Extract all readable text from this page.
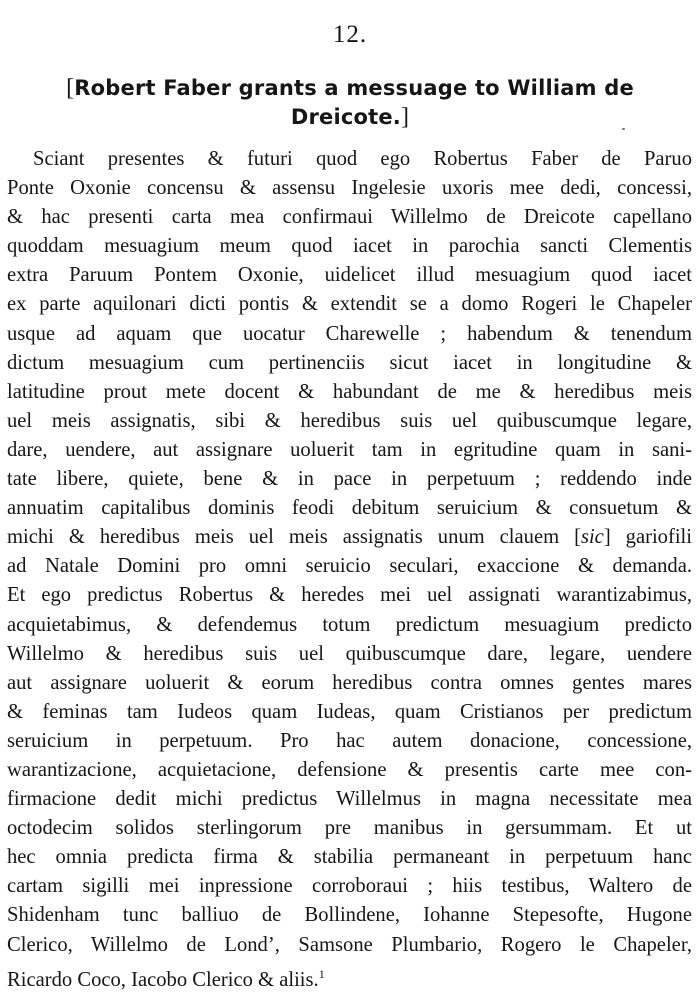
12.
[Robert Faber grants a messuage to William de
Dreicote.]
Sciant presentes & futuri quod ego Robertus Faber de Paruo
Ponte Oxonie concensu & assensu Ingelesie uxoris mee dedi, concessi,
& hac presenti carta mea confirmaui Willelmo de Dreicote capellano
quoddam mesuagium meum quod iacet in parochia sancti Clementis
extra Paruum Pontem Oxonie, uidelicet illud mesuagium quod iacet
ex parte aquilonari dicti pontis & extendit se a domo Rogeri le Chapeler
usque ad aquam que uocatur Charewelle ; habendum & tenendum
dictum mesuagium cum pertinenciis sicut iacet in longitudine &
latitudine prout mete docent & habundant de me & heredibus meis
uel meis assignatis, sibi & heredibus suis uel quibuscumque legare,
dare, uendere, aut assignare uoluerit tam in egritudine quam in sani-
tate libere, quiete, bene & in pace in perpetuum ; reddendo inde
annuatim capitalibus dominis feodi debitum seruicium & consuetum &
michi & heredibus meis uel meis assignatis unum clauem [sic] gariofili
ad Natale Domini pro omni seruicio seculari, exaccione & demanda.
Et ego predictus Robertus & heredes mei uel assignati warantizabimus,
acquietabimus, & defendemus totum predictum mesuagium predicto
Willelmo & heredibus suis uel quibuscumque dare, legare, uendere
aut assignare uoluerit & eorum heredibus contra omnes gentes mares
& feminas tam Iudeos quam Iudeas, quam Cristianos per predictum
seruicium in perpetuum. Pro hac autem donacione, concessione,
warantizacione, acquietacione, defensione & presentis carte mee con-
firmacione dedit michi predictus Willelmus in magna necessitate mea
octodecim solidos sterlingorum pre manibus in gersummam. Et ut
hec omnia predicta firma & stabilia permaneant in perpetuum hanc
cartam sigilli mei inpressione corroboraui ; hiis testibus, Waltero de
Shidenham tunc balliuo de Bollindene, Iohanne Stepesofte, Hugone
Clerico, Willelmo de Lond’, Samsone Plumbario, Rogero le Chapeler,
Ricardo Coco, Iacobo Clerico & aliis.$^1$
